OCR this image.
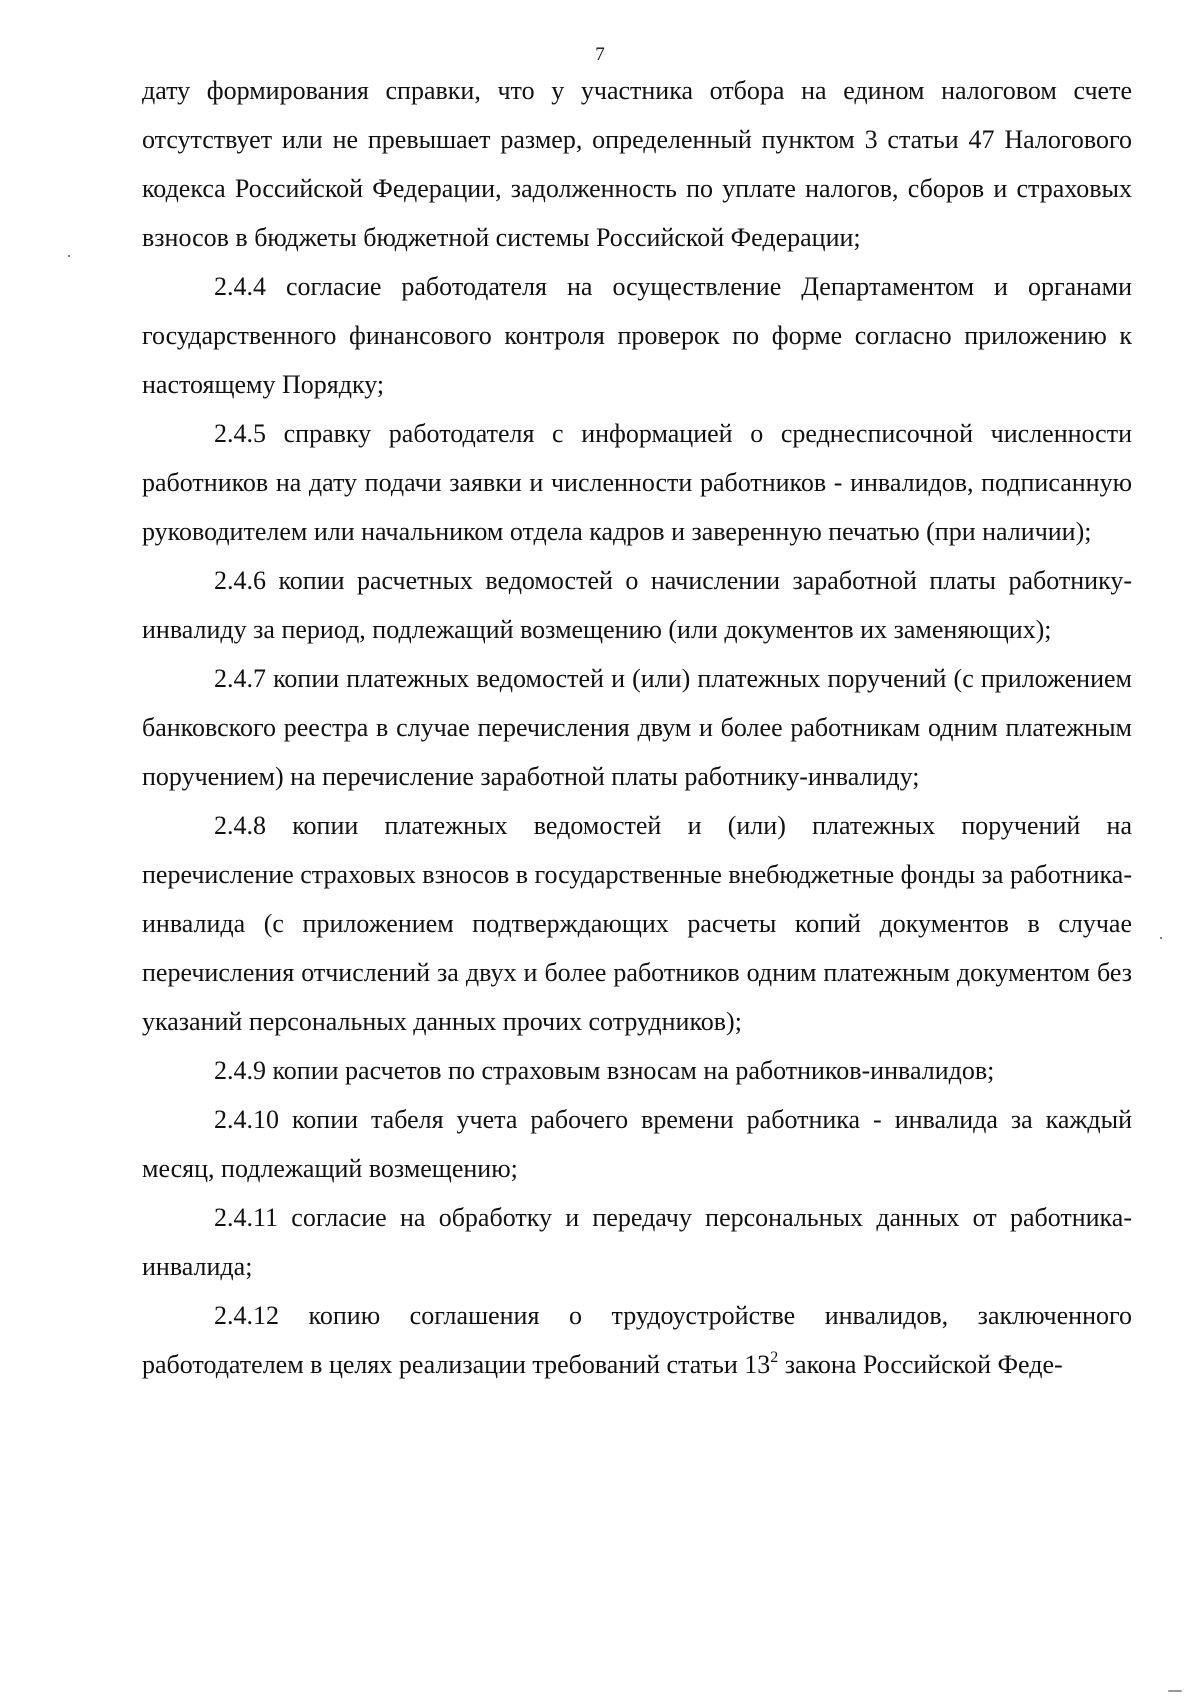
7

дату формирования справки, что у участника отбора на едином налоговом счете отсутствует или не превышает размер, определенный пунктом 3 статьи 47 Налогового кодекса Российской Федерации, задолженность по уплате налогов, сборов и страховых взносов в бюджеты бюджетной системы Российской Федерации;

2.4.4 согласие работодателя на осуществление Департаментом и органами государственного финансового контроля проверок по форме согласно приложению к настоящему Порядку;

2.4.5 справку работодателя с информацией о среднесписочной численности работников на дату подачи заявки и численности работников - инвалидов, подписанную руководителем или начальником отдела кадров и заверенную печатью (при наличии);

2.4.6 копии расчетных ведомостей о начислении заработной платы работнику-инвалиду за период, подлежащий возмещению (или документов их заменяющих);

2.4.7 копии платежных ведомостей и (или) платежных поручений (с приложением банковского реестра в случае перечисления двум и более работникам одним платежным поручением) на перечисление заработной платы работнику-инвалиду;

2.4.8 копии платежных ведомостей и (или) платежных поручений на перечисление страховых взносов в государственные внебюджетные фонды за работника-инвалида (с приложением подтверждающих расчеты копий документов в случае перечисления отчислений за двух и более работников одним платежным документом без указаний персональных данных прочих сотрудников);

2.4.9 копии расчетов по страховым взносам на работников-инвалидов;

2.4.10 копии табеля учета рабочего времени работника - инвалида за каждый месяц, подлежащий возмещению;

2.4.11 согласие на обработку и передачу персональных данных от работника-инвалида;

2.4.12 копию соглашения о трудоустройстве инвалидов, заключенного работодателем в целях реализации требований статьи $13^2$ закона Российской Феде-
